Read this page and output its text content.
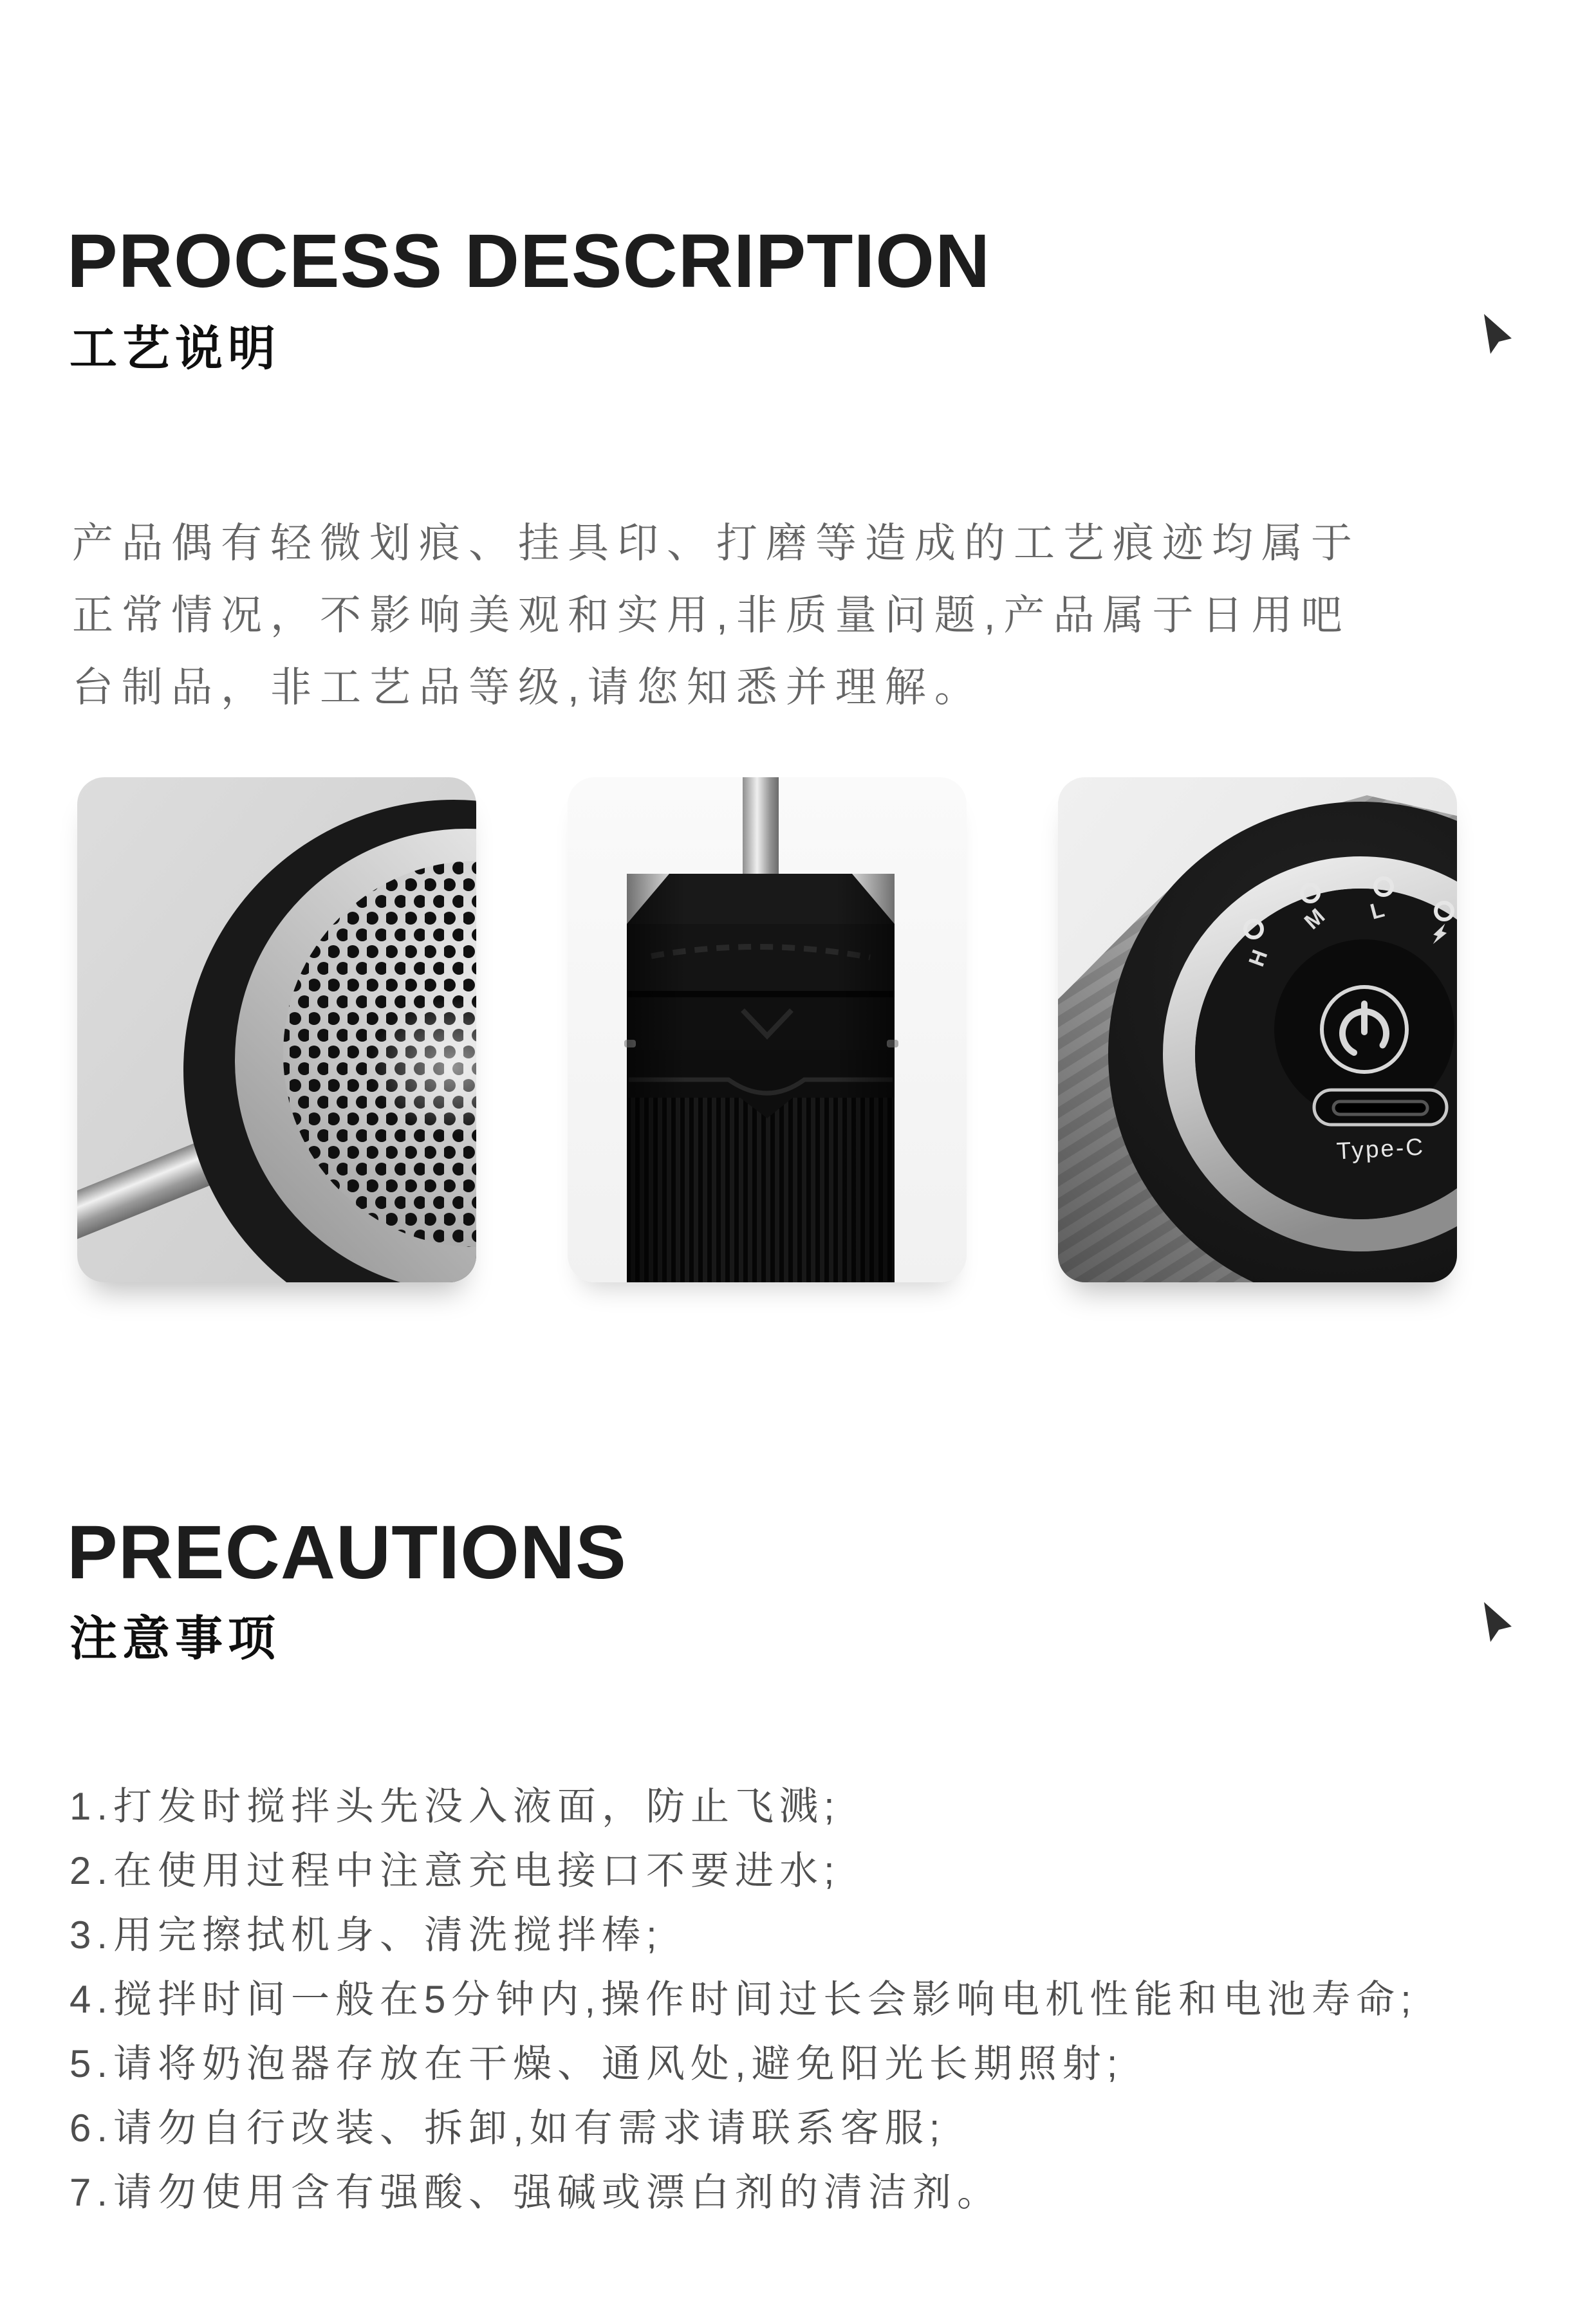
PROCESS DESCRIPTION
工艺说明
产品偶有轻微划痕、挂具印、打磨等造成的工艺痕迹均属于
正常情况，不影响美观和实用,非质量问题,产品属于日用吧
台制品，非工艺品等级,请您知悉并理解。
H
M L
Type-C
PRECAUTIONS
注意事项
1.打发时搅拌头先没入液面，防止飞溅;
2.在使用过程中注意充电接口不要进水;
3.用完擦拭机身、清洗搅拌棒;
4.搅拌时间一般在5分钟内,操作时间过长会影响电机性能和电池寿命;
5.请将奶泡器存放在干燥、通风处,避免阳光长期照射;
6.请勿自行改装、拆卸,如有需求请联系客服;
7.请勿使用含有强酸、强碱或漂白剂的清洁剂。
